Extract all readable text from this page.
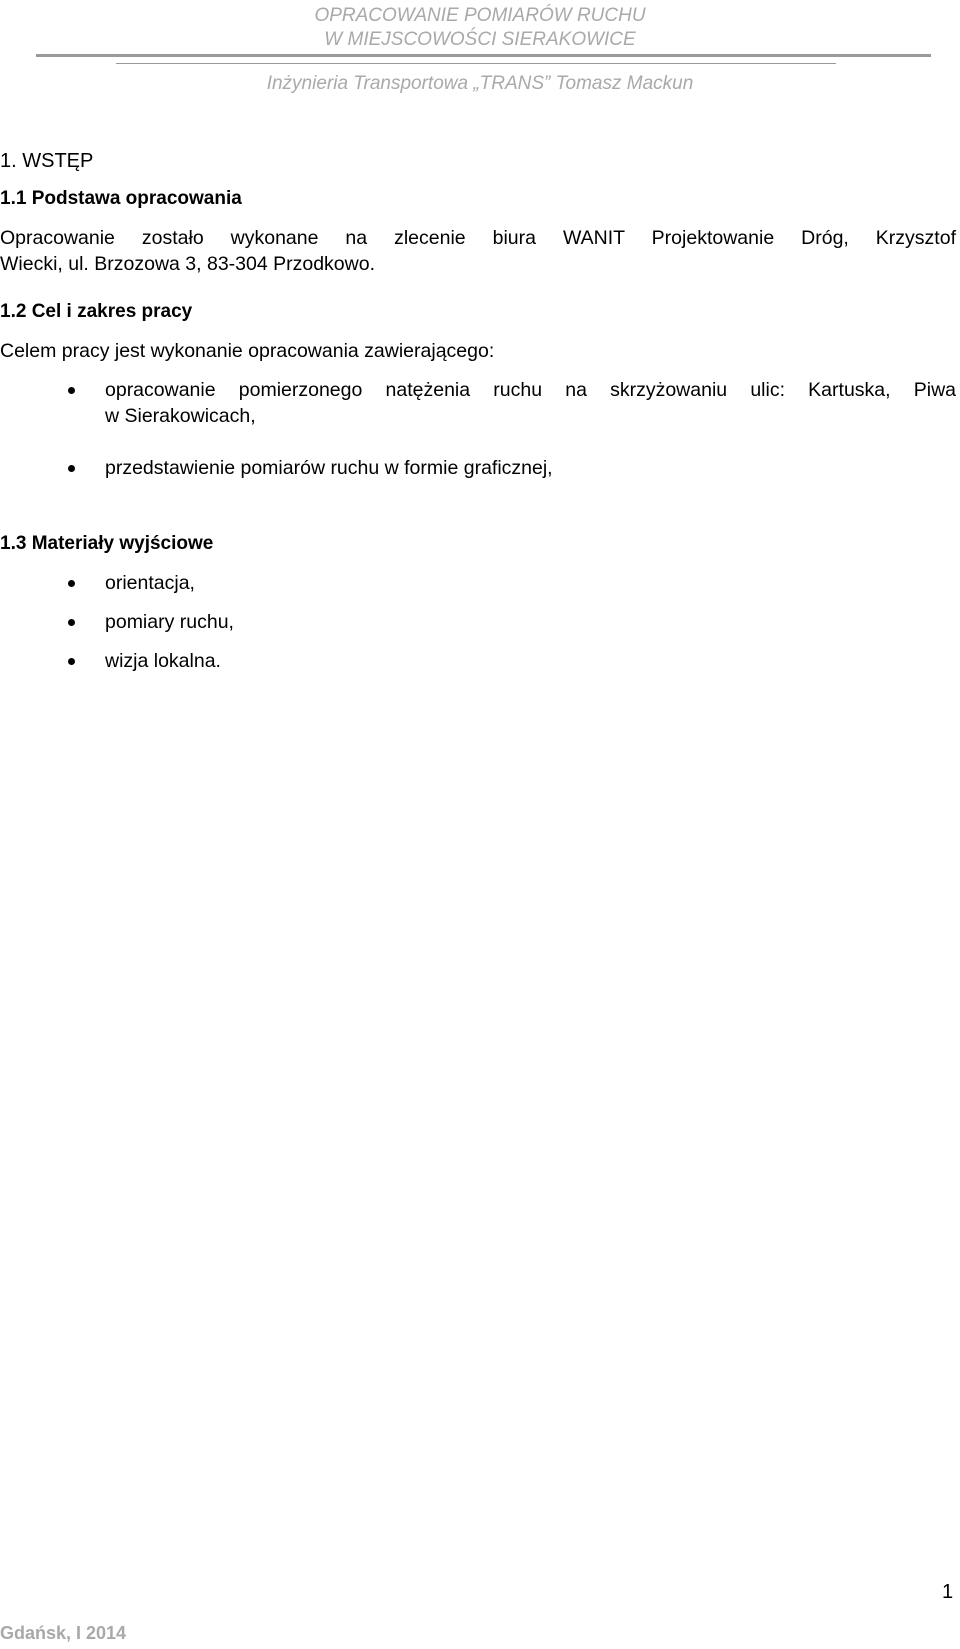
OPRACOWANIE POMIARÓW RUCHU
W MIEJSCOWOŚCI SIERAKOWICE
Inżynieria Transportowa „TRANS” Tomasz Mackun
1. WSTĘP
1.1 Podstawa opracowania
Opracowanie zostało wykonane na zlecenie biura WANIT Projektowanie Dróg, Krzysztof
Wiecki, ul. Brzozowa 3, 83-304 Przodkowo.
1.2 Cel i zakres pracy
Celem pracy jest wykonanie opracowania zawierającego:
opracowanie pomierzonego natężenia ruchu na skrzyżowaniu ulic: Kartuska, Piwa
w Sierakowicach,
przedstawienie pomiarów ruchu w formie graficznej,
1.3 Materiały wyjściowe
orientacja,
pomiary ruchu,
wizja lokalna.
1
Gdańsk, I 2014
